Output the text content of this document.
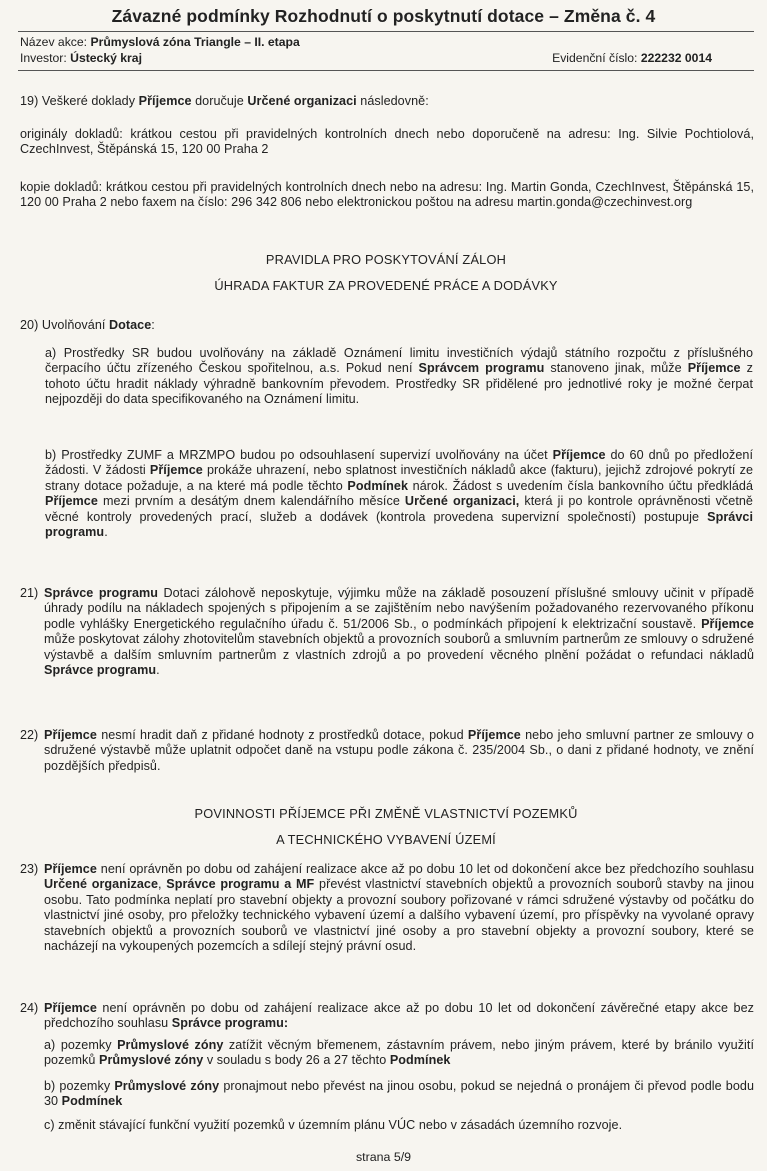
Závazné podmínky Rozhodnutí o poskytnutí dotace – Změna č. 4
Název akce: Průmyslová zóna Triangle – II. etapa
Investor: Ústecký kraj	Evidenční číslo: 222232 0014
19) Veškeré doklady Příjemce doručuje Určené organizaci následovně:
originály dokladů: krátkou cestou při pravidelných kontrolních dnech nebo doporučeně na adresu: Ing. Silvie Pochtiolová, CzechInvest, Štěpánská 15, 120 00 Praha 2
kopie dokladů: krátkou cestou při pravidelných kontrolních dnech nebo na adresu: Ing. Martin Gonda, CzechInvest, Štěpánská 15, 120 00 Praha 2 nebo faxem na číslo: 296 342 806 nebo elektronickou poštou na adresu martin.gonda@czechinvest.org
PRAVIDLA PRO POSKYTOVÁNÍ ZÁLOH
ÚHRADA FAKTUR ZA PROVEDENÉ PRÁCE A DODÁVKY
20) Uvolňování Dotace:
a) Prostředky SR budou uvolňovány na základě Oznámení limitu investičních výdajů státního rozpočtu z příslušného čerpacího účtu zřízeného Českou spořitelnou, a.s. Pokud není Správcem programu stanoveno jinak, může Příjemce z tohoto účtu hradit náklady výhradně bankovním převodem. Prostředky SR přidělené pro jednotlivé roky je možné čerpat nejpozději do data specifikovaného na Oznámení limitu.
b) Prostředky ZUMF a MRZMPO budou po odsouhlasení supervizí uvolňovány na účet Příjemce do 60 dnů po předložení žádosti. V žádosti Příjemce prokáže uhrazení, nebo splatnost investičních nákladů akce (fakturu), jejichž zdrojové pokrytí ze strany dotace požaduje, a na které má podle těchto Podmínek nárok. Žádost s uvedením čísla bankovního účtu předkládá Příjemce mezi prvním a desátým dnem kalendářního měsíce Určené organizaci, která ji po kontrole oprávněnosti včetně věcné kontroly provedených prací, služeb a dodávek (kontrola provedena supervizní společností) postupuje Správci programu.
21) Správce programu Dotaci zálohově neposkytuje, výjimku může na základě posouzení příslušné smlouvy učinit v případě úhrady podílu na nákladech spojených s připojením a se zajištěním nebo navýšením požadovaného rezervovaného příkonu podle vyhlášky Energetického regulačního úřadu č. 51/2006 Sb., o podmínkách připojení k elektrizační soustavě. Příjemce může poskytovat zálohy zhotovitelům stavebních objektů a provozních souborů a smluvním partnerům ze smlouvy o sdružené výstavbě a dalším smluvním partnerům z vlastních zdrojů a po provedení věcného plnění požádat o refundaci nákladů Správce programu.
22) Příjemce nesmí hradit daň z přidané hodnoty z prostředků dotace, pokud Příjemce nebo jeho smluvní partner ze smlouvy o sdružené výstavbě může uplatnit odpočet daně na vstupu podle zákona č. 235/2004 Sb., o dani z přidané hodnoty, ve znění pozdějších předpisů.
POVINNOSTI PŘÍJEMCE PŘI ZMĚNĚ VLASTNICTVÍ POZEMKŮ
A TECHNICKÉHO VYBAVENÍ ÚZEMÍ
23) Příjemce není oprávněn po dobu od zahájení realizace akce až po dobu 10 let od dokončení akce bez předchozího souhlasu Určené organizace, Správce programu a MF převést vlastnictví stavebních objektů a provozních souborů stavby na jinou osobu. Tato podmínka neplatí pro stavební objekty a provozní soubory pořizované v rámci sdružené výstavby od počátku do vlastnictví jiné osoby, pro přeložky technického vybavení území a dalšího vybavení území, pro příspěvky na vyvolané opravy stavebních objektů a provozních souborů ve vlastnictví jiné osoby a pro stavební objekty a provozní soubory, které se nacházejí na vykoupených pozemcích a sdílejí stejný právní osud.
24) Příjemce není oprávněn po dobu od zahájení realizace akce až po dobu 10 let od dokončení závěrečné etapy akce bez předchozího souhlasu Správce programu:
a) pozemky Průmyslové zóny zatížit věcným břemenem, zástavním právem, nebo jiným právem, které by bránilo využití pozemků Průmyslové zóny v souladu s body 26 a 27 těchto Podmínek
b) pozemky Průmyslové zóny pronajmout nebo převést na jinou osobu, pokud se nejedná o pronájem či převod podle bodu 30 Podmínek
c) změnit stávající funkční využití pozemků v územním plánu VÚC nebo v zásadách územního rozvoje.
strana 5/9
